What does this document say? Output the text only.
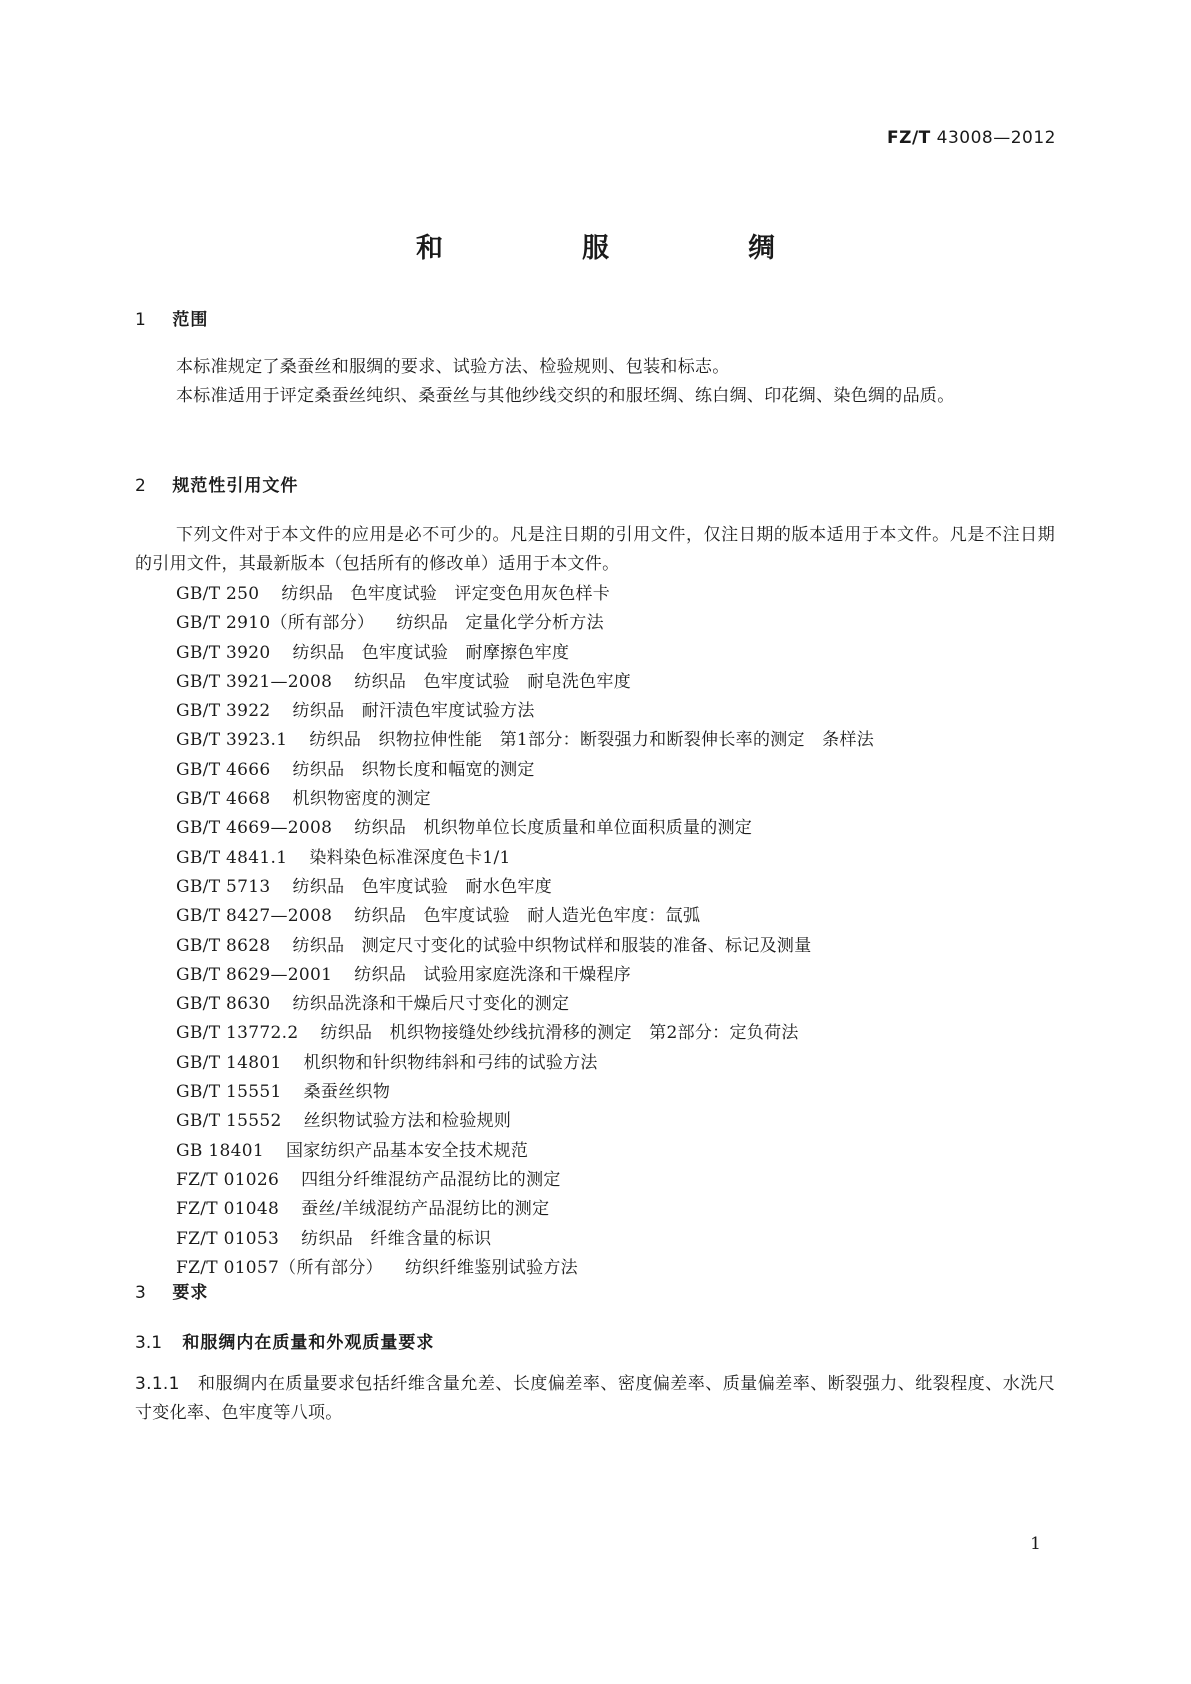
FZ/T 43008—2012
和　服　绸
1 范围

本标准规定了桑蚕丝和服绸的要求、试验方法、检验规则、包装和标志。

本标准适用于评定桑蚕丝纯织、桑蚕丝与其他纱线交织的和服坯绸、练白绸、印花绸、染色绸的品质。

2 规范性引用文件

下列文件对于本文件的应用是必不可少的。凡是注日期的引用文件，仅注日期的版本适用于本文件。凡是不注日期的引用文件，其最新版本（包括所有的修改单）适用于本文件。

GB/T 250 纺织品　色牢度试验　评定变色用灰色样卡
GB/T 2910（所有部分） 纺织品　定量化学分析方法
GB/T 3920 纺织品　色牢度试验　耐摩擦色牢度
GB/T 3921—2008 纺织品　色牢度试验　耐皂洗色牢度
GB/T 3922 纺织品　耐汗渍色牢度试验方法
GB/T 3923.1 纺织品　织物拉伸性能　第1部分：断裂强力和断裂伸长率的测定　条样法
GB/T 4666 纺织品　织物长度和幅宽的测定
GB/T 4668 机织物密度的测定
GB/T 4669—2008 纺织品　机织物单位长度质量和单位面积质量的测定
GB/T 4841.1 染料染色标准深度色卡1/1
GB/T 5713 纺织品　色牢度试验　耐水色牢度
GB/T 8427—2008 纺织品　色牢度试验　耐人造光色牢度：氙弧
GB/T 8628 纺织品　测定尺寸变化的试验中织物试样和服装的准备、标记及测量
GB/T 8629—2001 纺织品　试验用家庭洗涤和干燥程序
GB/T 8630 纺织品洗涤和干燥后尺寸变化的测定
GB/T 13772.2 纺织品　机织物接缝处纱线抗滑移的测定　第2部分：定负荷法
GB/T 14801 机织物和针织物纬斜和弓纬的试验方法
GB/T 15551 桑蚕丝织物
GB/T 15552 丝织物试验方法和检验规则
GB 18401 国家纺织产品基本安全技术规范
FZ/T 01026 四组分纤维混纺产品混纺比的测定
FZ/T 01048 蚕丝/羊绒混纺产品混纺比的测定
FZ/T 01053 纺织品　纤维含量的标识
FZ/T 01057（所有部分） 纺织纤维鉴别试验方法
3 要求
3.1 和服绸内在质量和外观质量要求

3.1.1 和服绸内在质量要求包括纤维含量允差、长度偏差率、密度偏差率、质量偏差率、断裂强力、纰裂程度、水洗尺寸变化率、色牢度等八项。

1
